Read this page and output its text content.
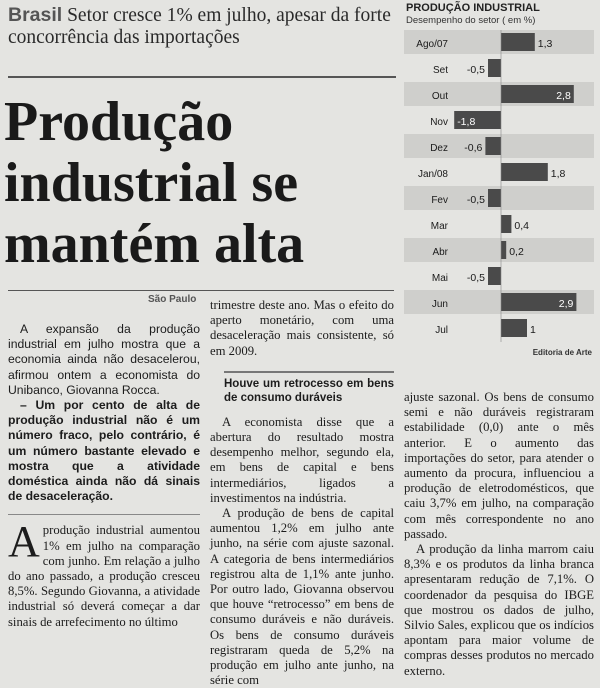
Brasil Setor cresce 1% em julho, apesar da forte concorrência das importações
Produção industrial se mantém alta
São Paulo

A expansão da produção industrial em julho mostra que a economia ainda não desacelerou, afirmou ontem a economista do Unibanco, Giovanna Rocca.

– Um por cento de alta de produção industrial não é um número fraco, pelo contrário, é um número bastante elevado e mostra que a atividade doméstica ainda não dá sinais de desaceleração.

A produção industrial aumentou 1% em julho na comparação com junho. Em relação a julho do ano passado, a produção cresceu 8,5%. Segundo Giovanna, a atividade industrial só deverá começar a dar sinais de arrefecimento no último

trimestre deste ano. Mas o efeito do aperto monetário, com uma desaceleração mais consistente, só em 2009.

Houve um retrocesso em bens de consumo duráveis

A economista disse que a abertura do resultado mostra desempenho melhor, segundo ela, em bens de capital e bens intermediários, ligados a investimentos na indústria.

A produção de bens de capital aumentou 1,2% em julho ante junho, na série com ajuste sazonal. A categoria de bens intermediários registrou alta de 1,1% ante junho. Por outro lado, Giovanna observou que houve “retrocesso” em bens de consumo duráveis e não duráveis. Os bens de consumo duráveis registraram queda de 5,2% na produção em julho ante junho, na série com

ajuste sazonal. Os bens de consumo semi e não duráveis registraram estabilidade (0,0) ante o mês anterior. E o aumento das importações do setor, para atender o aumento da procura, influenciou a produção de eletrodomésticos, que caiu 3,7% em julho, na comparação com mês correspondente no ano passado.

A produção da linha marrom caiu 8,3% e os produtos da linha branca apresentaram redução de 7,1%. O coordenador da pesquisa do IBGE que mostrou os dados de julho, Silvio Sales, explicou que os indícios apontam para maior volume de compras desses produtos no mercado externo.

PRODUÇÃO INDUSTRIAL
Desempenho do setor ( em %)
Ago/07	1,3
Set -0,5
Out	2,8
Nov -1,8
Dez -0,6
Jan/08	1,8
Fev -0,5
Mar	0,4
Abr	0,2
Mai -0,5
Jun	2,9
Jul	1
Editoria de Arte
